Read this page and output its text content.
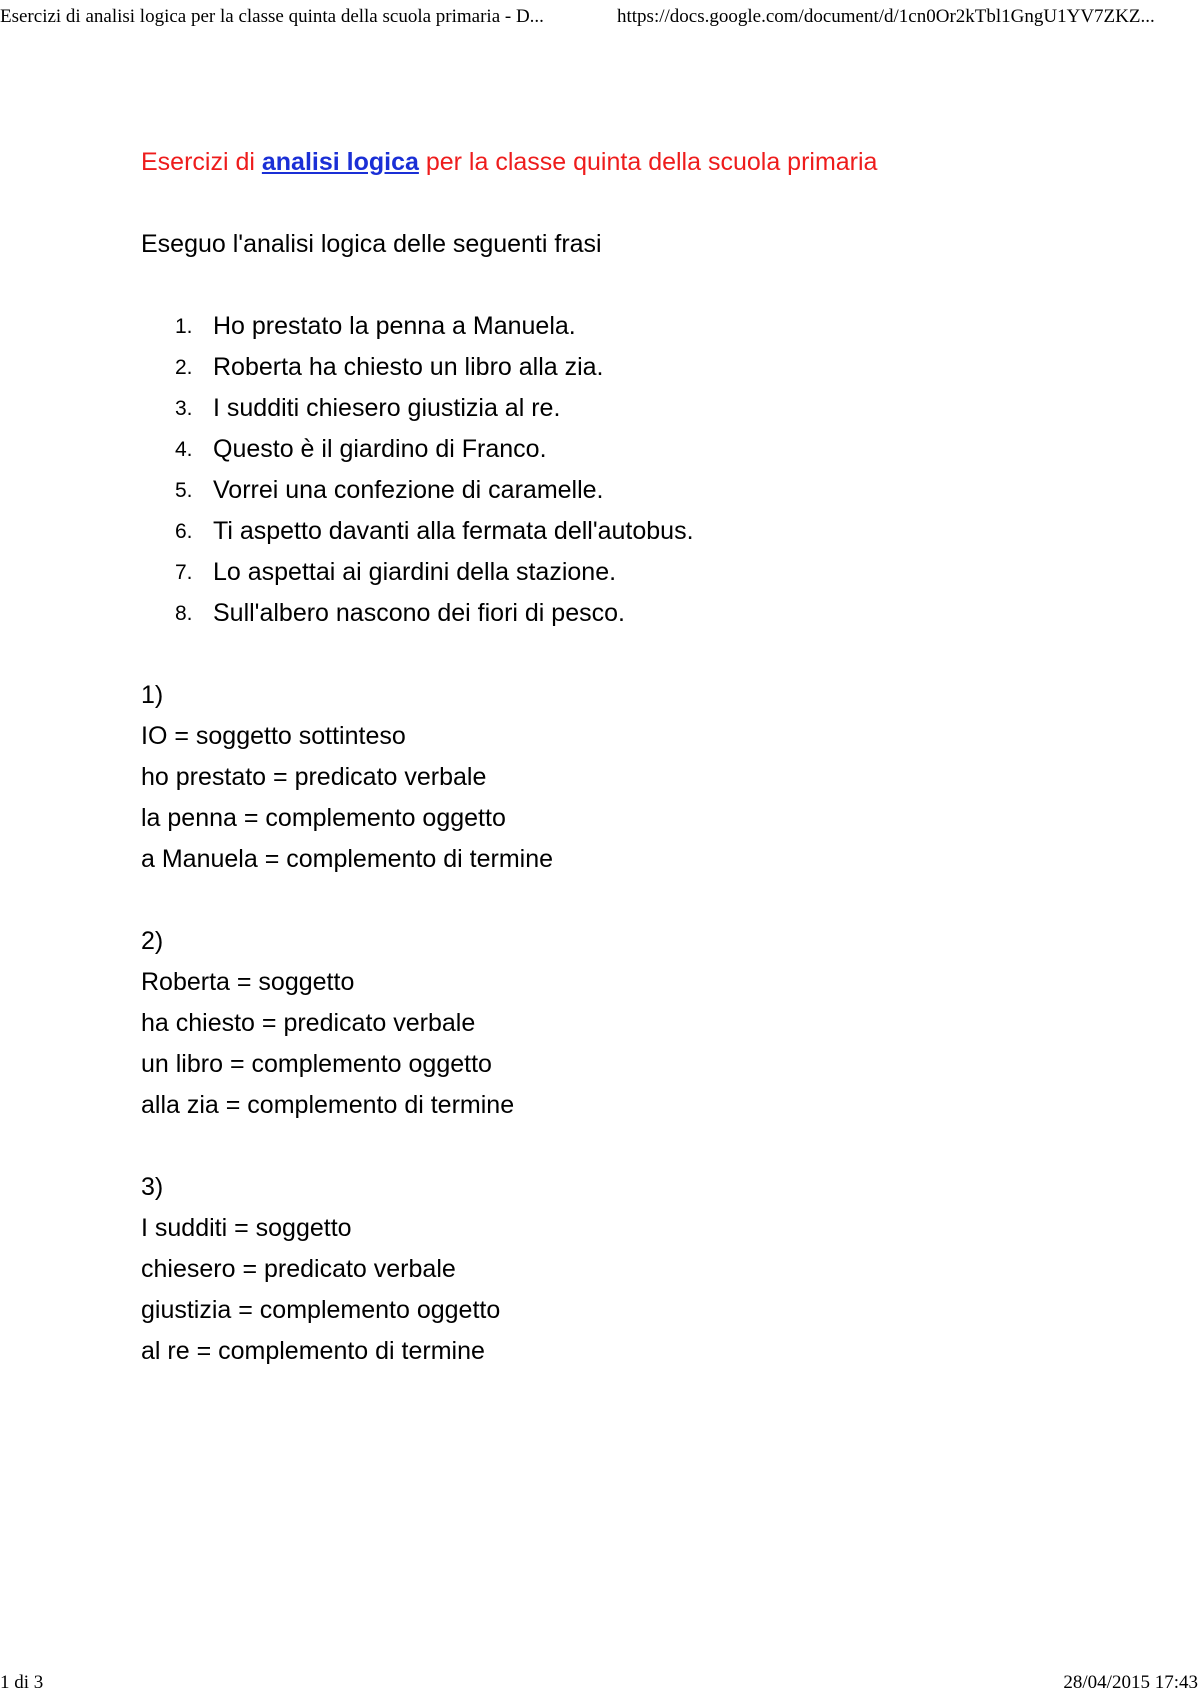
Esercizi di analisi logica per la classe quinta della scuola primaria - D...	https://docs.google.com/document/d/1cn0Or2kTbl1GngU1YV7ZKZ...

Esercizi di analisi logica per la classe quinta della scuola primaria

Eseguo l'analisi logica delle seguenti frasi

1. Ho prestato la penna a Manuela.
2. Roberta ha chiesto un libro alla zia.
3. I sudditi chiesero giustizia al re.
4. Questo è il giardino di Franco.
5. Vorrei una confezione di caramelle.
6. Ti aspetto davanti alla fermata dell'autobus.
7. Lo aspettai ai giardini della stazione.
8. Sull'albero nascono dei fiori di pesco.
1)
IO = soggetto sottinteso
ho prestato = predicato verbale
la penna = complemento oggetto
a Manuela = complemento di termine
2)
Roberta = soggetto
ha chiesto = predicato verbale
un libro = complemento oggetto
alla zia = complemento di termine
3)
I sudditi = soggetto
chiesero = predicato verbale
giustizia = complemento oggetto
al re = complemento di termine
1 di 3	28/04/2015 17:43
